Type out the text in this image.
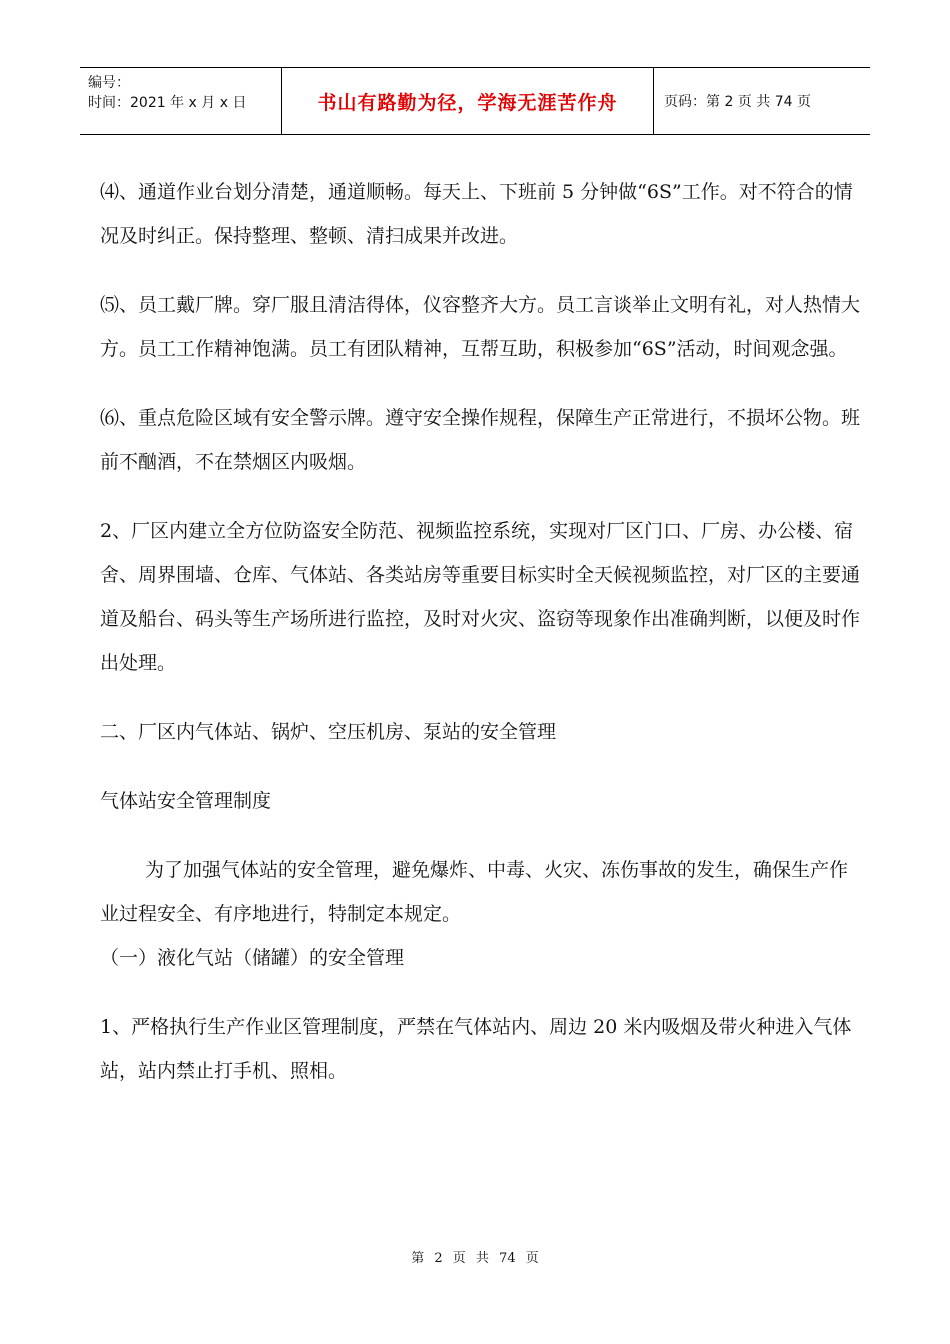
编号：
时间：2021 年 x 月 x 日	书山有路勤为径，学海无涯苦作舟	页码：第 2 页 共 74 页

⑷、通道作业台划分清楚，通道顺畅。每天上、下班前 5 分钟做“6S”工作。对不符合的情况及时纠正。保持整理、整顿、清扫成果并改进。

⑸、员工戴厂牌。穿厂服且清洁得体，仪容整齐大方。员工言谈举止文明有礼，对人热情大方。员工工作精神饱满。员工有团队精神，互帮互助，积极参加“6S”活动，时间观念强。

⑹、重点危险区域有安全警示牌。遵守安全操作规程，保障生产正常进行，不损坏公物。班前不酗酒，不在禁烟区内吸烟。

2、厂区内建立全方位防盗安全防范、视频监控系统，实现对厂区门口、厂房、办公楼、宿舍、周界围墙、仓库、气体站、各类站房等重要目标实时全天候视频监控，对厂区的主要通道及船台、码头等生产场所进行监控，及时对火灾、盗窃等现象作出准确判断，以便及时作出处理。

二、厂区内气体站、锅炉、空压机房、泵站的安全管理

气体站安全管理制度

为了加强气体站的安全管理，避免爆炸、中毒、火灾、冻伤事故的发生，确保生产作业过程安全、有序地进行，特制定本规定。

（一）液化气站（储罐）的安全管理

1、严格执行生产作业区管理制度，严禁在气体站内、周边 20 米内吸烟及带火种进入气体站，站内禁止打手机、照相。

第 2 页 共 74 页
